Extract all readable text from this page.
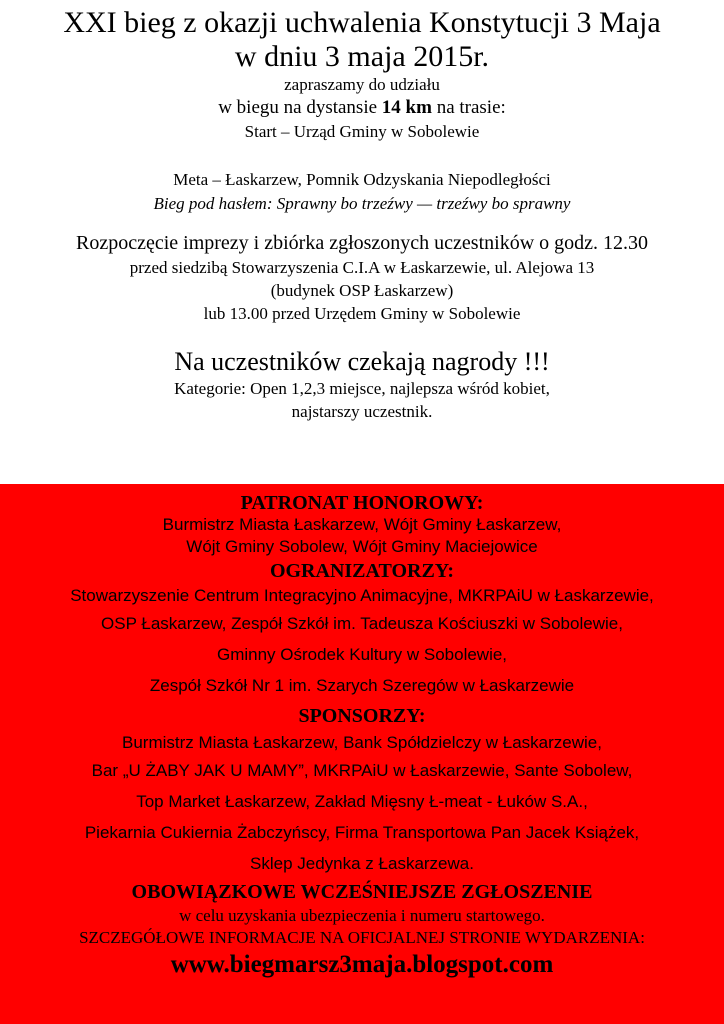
XXI bieg z okazji uchwalenia Konstytucji 3 Maja
w dniu 3 maja 2015r.
zapraszamy do udziału
w biegu na dystansie 14 km na trasie:
Start – Urząd Gminy w Sobolewie
Meta – Łaskarzew, Pomnik Odzyskania Niepodległości
Bieg pod hasłem: Sprawny bo trzeźwy — trzeźwy bo sprawny
Rozpoczęcie imprezy i zbiórka zgłoszonych uczestników o godz. 12.30
przed siedzibą Stowarzyszenia C.I.A w Łaskarzewie, ul. Alejowa 13
(budynek OSP Łaskarzew)
lub 13.00 przed Urzędem Gminy w Sobolewie
Na uczestników czekają nagrody !!!
Kategorie: Open 1,2,3 miejsce, najlepsza wśród kobiet,
najstarszy uczestnik.
PATRONAT HONOROWY:
Burmistrz Miasta Łaskarzew, Wójt Gminy Łaskarzew,
Wójt Gminy Sobolew, Wójt Gminy Maciejowice
OGRANIZATORZY:
Stowarzyszenie Centrum Integracyjno Animacyjne, MKRPAiU w Łaskarzewie,
OSP Łaskarzew, Zespół Szkół im. Tadeusza Kościuszki w Sobolewie,
Gminny Ośrodek Kultury w Sobolewie,
Zespół Szkół Nr 1 im. Szarych Szeregów w Łaskarzewie
SPONSORZY:
Burmistrz Miasta Łaskarzew, Bank Spółdzielczy w Łaskarzewie,
Bar „U ŻABY JAK U MAMY”, MKRPAiU w Łaskarzewie, Sante Sobolew,
Top Market Łaskarzew, Zakład Mięsny Ł-meat - Łuków S.A.,
Piekarnia Cukiernia Żabczyńscy, Firma Transportowa Pan Jacek Książek,
Sklep Jedynka z Łaskarzewa.
OBOWIĄZKOWE WCZEŚNIEJSZE ZGŁOSZENIE
w celu uzyskania ubezpieczenia i numeru startowego.
SZCZEGÓŁOWE INFORMACJE NA OFICJALNEJ STRONIE WYDARZENIA:
www.biegmarsz3maja.blogspot.com
